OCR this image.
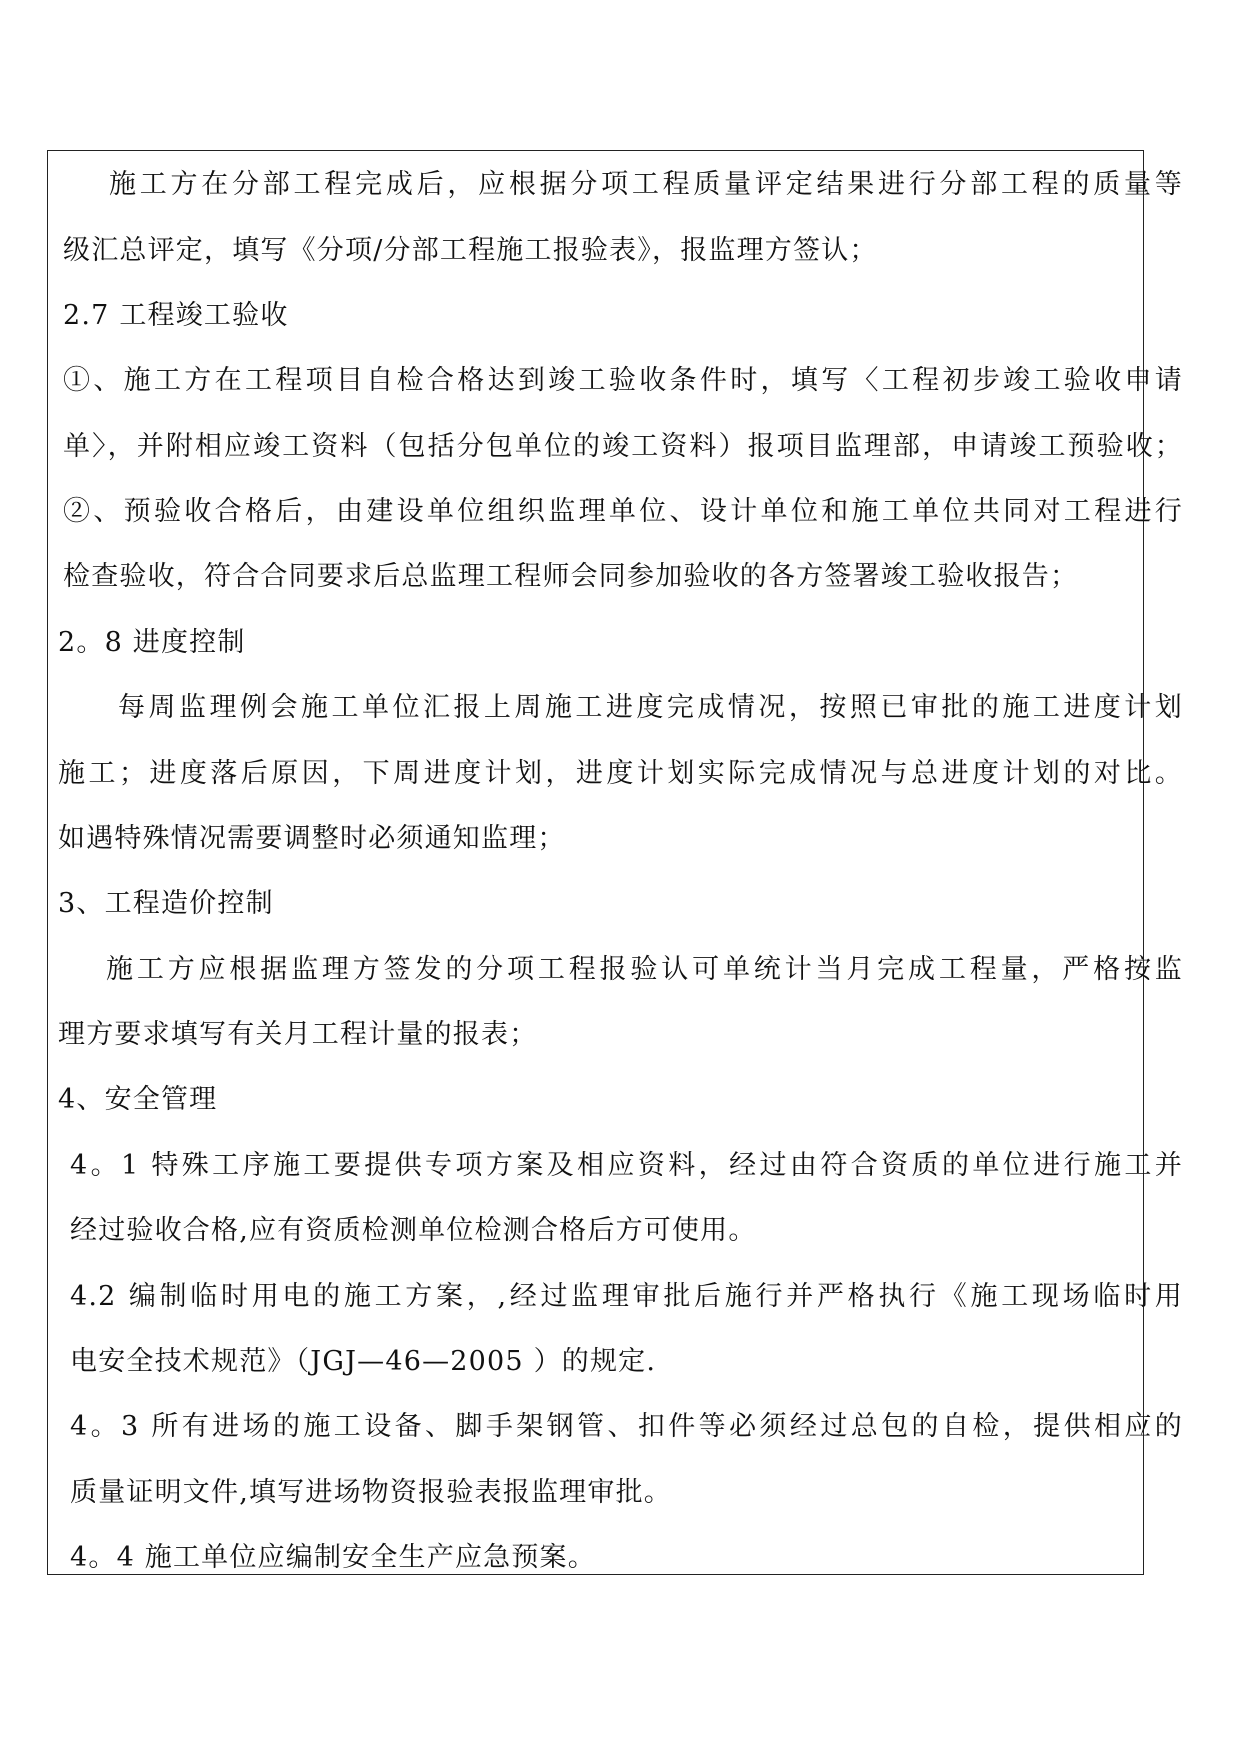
施工方在分部工程完成后，应根据分项工程质量评定结果进行分部工程的质量等
级汇总评定，填写《分项/分部工程施工报验表》，报监理方签认；
2.7 工程竣工验收
①、施工方在工程项目自检合格达到竣工验收条件时，填写〈工程初步竣工验收申请
单〉，并附相应竣工资料（包括分包单位的竣工资料）报项目监理部，申请竣工预验收；
②、预验收合格后，由建设单位组织监理单位、设计单位和施工单位共同对工程进行
检查验收，符合合同要求后总监理工程师会同参加验收的各方签署竣工验收报告；
2。8 进度控制
每周监理例会施工单位汇报上周施工进度完成情况，按照已审批的施工进度计划
施工；进度落后原因，下周进度计划，进度计划实际完成情况与总进度计划的对比。
如遇特殊情况需要调整时必须通知监理；
3、工程造价控制
施工方应根据监理方签发的分项工程报验认可单统计当月完成工程量，严格按监
理方要求填写有关月工程计量的报表；
4、安全管理
4。1 特殊工序施工要提供专项方案及相应资料，经过由符合资质的单位进行施工并
经过验收合格,应有资质检测单位检测合格后方可使用。
4.2 编制临时用电的施工方案，,经过监理审批后施行并严格执行《施工现场临时用
电安全技术规范》（JGJ—46—2005 ）的规定.
4。3 所有进场的施工设备、脚手架钢管、扣件等必须经过总包的自检，提供相应的
质量证明文件,填写进场物资报验表报监理审批。
4。4 施工单位应编制安全生产应急预案。
